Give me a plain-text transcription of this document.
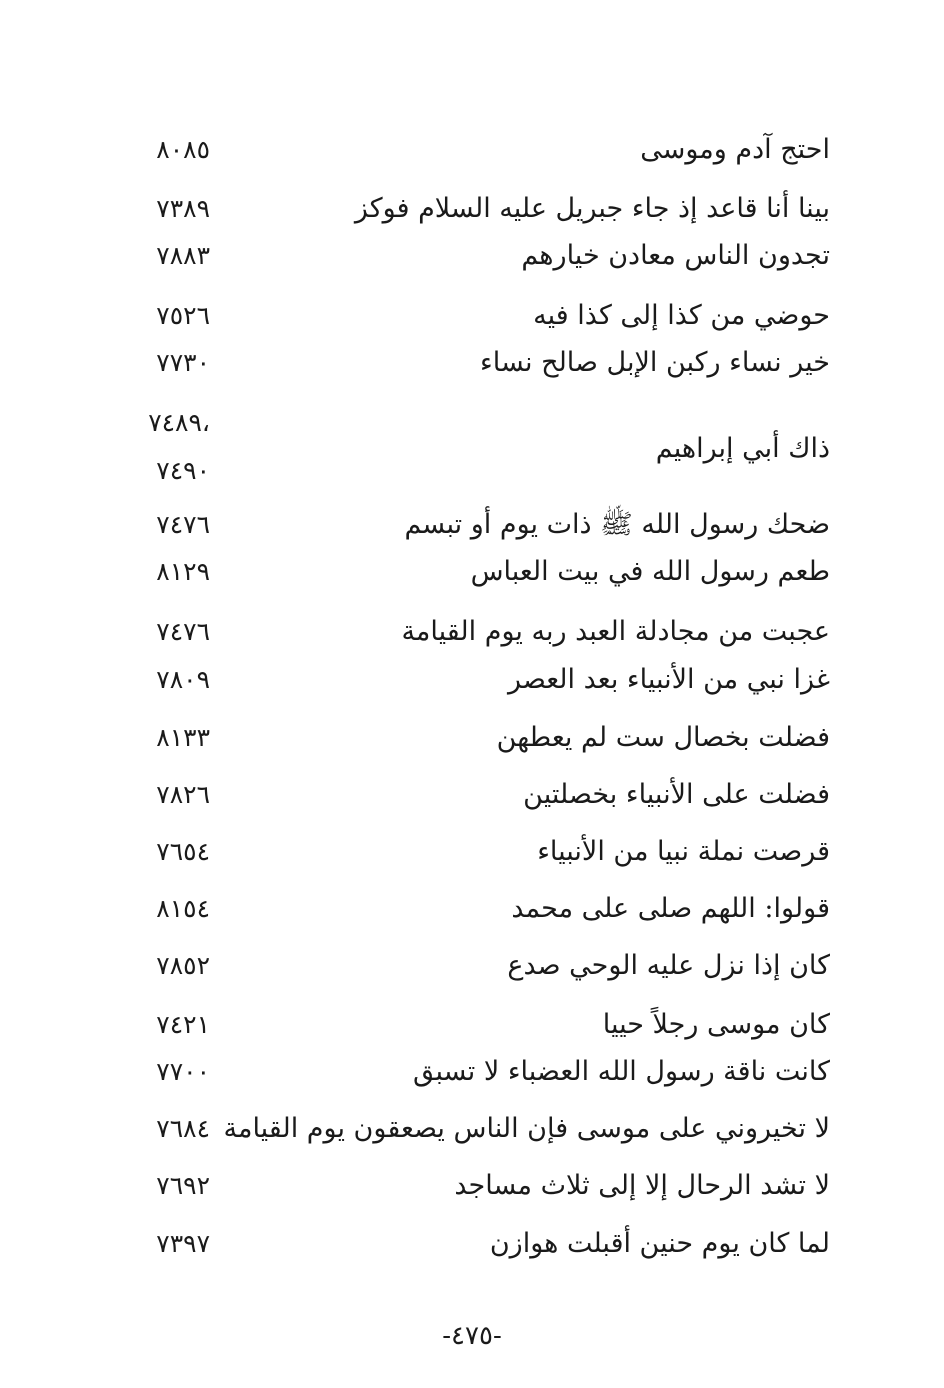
احتج آدم وموسى
٨٠٨٥
بينا أنا قاعد إذ جاء جبريل عليه السلام فوكز
٧٣٨٩
تجدون الناس معادن خيارهم
٧٨٨٣
حوضي من كذا إلى كذا فيه
٧٥٢٦
خير نساء ركبن الإبل صالح نساء
٧٧٣٠
ذاك أبي إبراهيم
،٧٤٨٩
٧٤٩٠
ضحك رسول الله ﷺ ذات يوم أو تبسم
٧٤٧٦
طعم رسول الله في بيت العباس
٨١٢٩
عجبت من مجادلة العبد ربه يوم القيامة
٧٤٧٦
غزا نبي من الأنبياء بعد العصر
٧٨٠٩
فضلت بخصال ست لم يعطهن
٨١٣٣
فضلت على الأنبياء بخصلتين
٧٨٢٦
قرصت نملة نبيا من الأنبياء
٧٦٥٤
قولوا: اللهم صلى على محمد
٨١٥٤
كان إذا نزل عليه الوحي صدع
٧٨٥٢
كان موسى رجلاً حييا
٧٤٢١
كانت ناقة رسول الله العضباء لا تسبق
٧٧٠٠
لا تخيروني على موسى فإن الناس يصعقون يوم القيامة
٧٦٨٤
لا تشد الرحال إلا إلى ثلاث مساجد
٧٦٩٢
لما كان يوم حنين أقبلت هوازن
٧٣٩٧
-٤٧٥-
